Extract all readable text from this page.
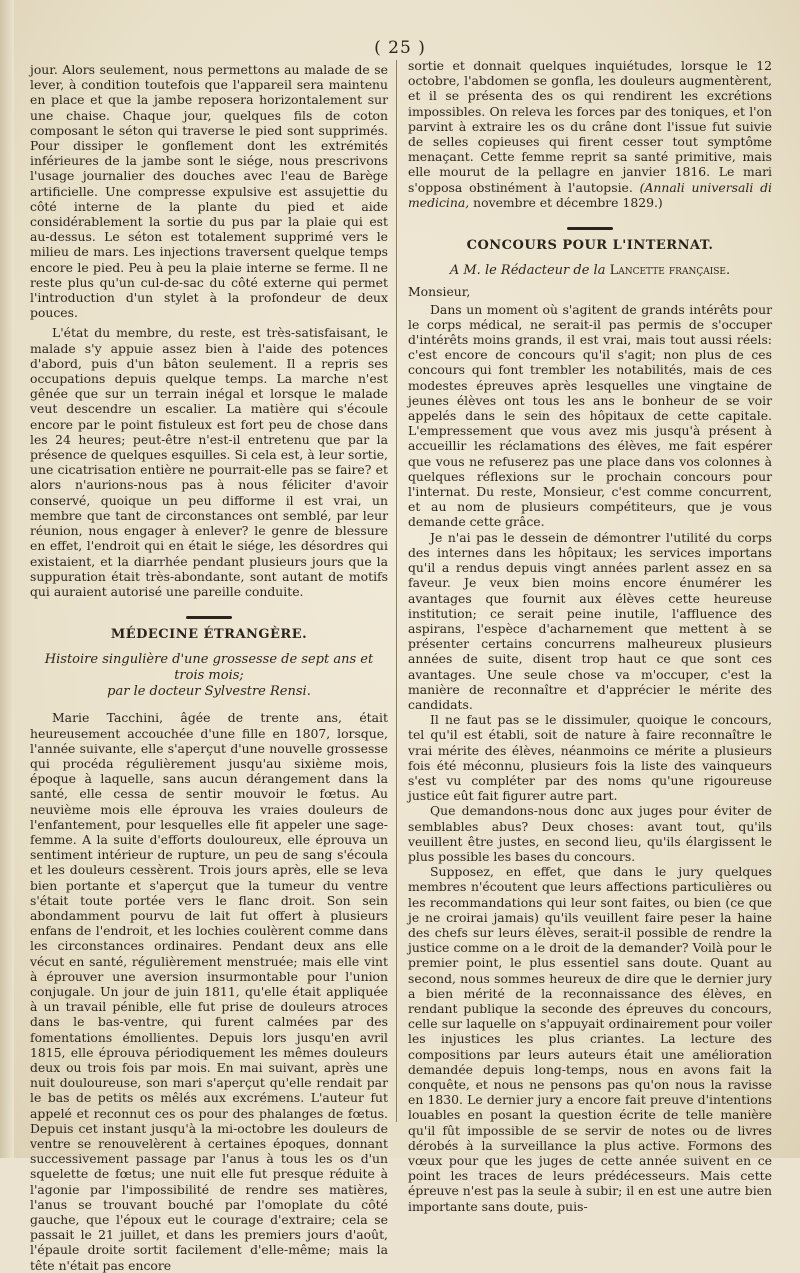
( 25 )

jour. Alors seulement, nous permettons au malade de se lever, à condition toutefois que l'appareil sera maintenu en place et que la jambe reposera horizontalement sur une chaise. Chaque jour, quelques fils de coton composant le séton qui traverse le pied sont supprimés. Pour dissiper le gonflement dont les extrémités inférieures de la jambe sont le siége, nous prescrivons l'usage journalier des douches avec l'eau de Barège artificielle. Une compresse expulsive est assujettie du côté interne de la plante du pied et aide considérablement la sortie du pus par la plaie qui est au-dessus. Le séton est totalement supprimé vers le milieu de mars. Les injections traversent quelque temps encore le pied. Peu à peu la plaie interne se ferme. Il ne reste plus qu'un cul-de-sac du côté externe qui permet l'introduction d'un stylet à la profondeur de deux pouces.

L'état du membre, du reste, est très-satisfaisant, le malade s'y appuie assez bien à l'aide des potences d'abord, puis d'un bâton seulement. Il a repris ses occupations depuis quelque temps. La marche n'est gênée que sur un terrain inégal et lorsque le malade veut descendre un escalier. La matière qui s'écoule encore par le point fistuleux est fort peu de chose dans les 24 heures; peut-être n'est-il entretenu que par la présence de quelques esquilles. Si cela est, à leur sortie, une cicatrisation entière ne pourrait-elle pas se faire? et alors n'aurions-nous pas à nous féliciter d'avoir conservé, quoique un peu difforme il est vrai, un membre que tant de circonstances ont semblé, par leur réunion, nous engager à enlever? le genre de blessure en effet, l'endroit qui en était le siége, les désordres qui existaient, et la diarrhée pendant plusieurs jours que la suppuration était très-abondante, sont autant de motifs qui auraient autorisé une pareille conduite.

MÉDECINE ÉTRANGÈRE.
Histoire singulière d'une grossesse de sept ans et trois mois;
par le docteur Sylvestre Rensi.

Marie Tacchini, âgée de trente ans, était heureusement accouchée d'une fille en 1807, lorsque, l'année suivante, elle s'aperçut d'une nouvelle grossesse qui procéda régulièrement jusqu'au sixième mois, époque à laquelle, sans aucun dérangement dans la santé, elle cessa de sentir mouvoir le fœtus. Au neuvième mois elle éprouva les vraies douleurs de l'enfantement, pour lesquelles elle fit appeler une sage-femme. A la suite d'efforts douloureux, elle éprouva un sentiment intérieur de rupture, un peu de sang s'écoula et les douleurs cessèrent. Trois jours après, elle se leva bien portante et s'aperçut que la tumeur du ventre s'était toute portée vers le flanc droit. Son sein abondamment pourvu de lait fut offert à plusieurs enfans de l'endroit, et les lochies coulèrent comme dans les circonstances ordinaires. Pendant deux ans elle vécut en santé, régulièrement menstruée; mais elle vint à éprouver une aversion insurmontable pour l'union conjugale. Un jour de juin 1811, qu'elle était appliquée à un travail pénible, elle fut prise de douleurs atroces dans le bas-ventre, qui furent calmées par des fomentations émollientes. Depuis lors jusqu'en avril 1815, elle éprouva périodiquement les mêmes douleurs deux ou trois fois par mois. En mai suivant, après une nuit douloureuse, son mari s'aperçut qu'elle rendait par le bas de petits os mêlés aux excrémens. L'auteur fut appelé et reconnut ces os pour des phalanges de fœtus. Depuis cet instant jusqu'à la mi-octobre les douleurs de ventre se renouvelèrent à certaines époques, donnant successivement passage par l'anus à tous les os d'un squelette de fœtus; une nuit elle fut presque réduite à l'agonie par l'impossibilité de rendre ses matières, l'anus se trouvant bouché par l'omoplate du côté gauche, que l'époux eut le courage d'extraire; cela se passait le 21 juillet, et dans les premiers jours d'août, l'épaule droite sortit facilement d'elle-même; mais la tête n'était pas encore

sortie et donnait quelques inquiétudes, lorsque le 12 octobre, l'abdomen se gonfla, les douleurs augmentèrent, et il se présenta des os qui rendirent les excrétions impossibles. On releva les forces par des toniques, et l'on parvint à extraire les os du crâne dont l'issue fut suivie de selles copieuses qui firent cesser tout symptôme menaçant. Cette femme reprit sa santé primitive, mais elle mourut de la pellagre en janvier 1816. Le mari s'opposa obstinément à l'autopsie. (Annali universali di medicina, novembre et décembre 1829.)

CONCOURS POUR L'INTERNAT.
A M. le Rédacteur de la Lancette française.

Monsieur,

Dans un moment où s'agitent de grands intérêts pour le corps médical, ne serait-il pas permis de s'occuper d'intérêts moins grands, il est vrai, mais tout aussi réels: c'est encore de concours qu'il s'agit; non plus de ces concours qui font trembler les notabilités, mais de ces modestes épreuves après lesquelles une vingtaine de jeunes élèves ont tous les ans le bonheur de se voir appelés dans le sein des hôpitaux de cette capitale. L'empressement que vous avez mis jusqu'à présent à accueillir les réclamations des élèves, me fait espérer que vous ne refuserez pas une place dans vos colonnes à quelques réflexions sur le prochain concours pour l'internat. Du reste, Monsieur, c'est comme concurrent, et au nom de plusieurs compétiteurs, que je vous demande cette grâce.

Je n'ai pas le dessein de démontrer l'utilité du corps des internes dans les hôpitaux; les services importans qu'il a rendus depuis vingt années parlent assez en sa faveur. Je veux bien moins encore énumérer les avantages que fournit aux élèves cette heureuse institution; ce serait peine inutile, l'affluence des aspirans, l'espèce d'acharnement que mettent à se présenter certains concurrens malheureux plusieurs années de suite, disent trop haut ce que sont ces avantages. Une seule chose va m'occuper, c'est la manière de reconnaître et d'apprécier le mérite des candidats.

Il ne faut pas se le dissimuler, quoique le concours, tel qu'il est établi, soit de nature à faire reconnaître le vrai mérite des élèves, néanmoins ce mérite a plusieurs fois été méconnu, plusieurs fois la liste des vainqueurs s'est vu compléter par des noms qu'une rigoureuse justice eût fait figurer autre part.

Que demandons-nous donc aux juges pour éviter de semblables abus? Deux choses: avant tout, qu'ils veuillent être justes, en second lieu, qu'ils élargissent le plus possible les bases du concours.

Supposez, en effet, que dans le jury quelques membres n'écoutent que leurs affections particulières ou les recommandations qui leur sont faites, ou bien (ce que je ne croirai jamais) qu'ils veuillent faire peser la haine des chefs sur leurs élèves, serait-il possible de rendre la justice comme on a le droit de la demander? Voilà pour le premier point, le plus essentiel sans doute. Quant au second, nous sommes heureux de dire que le dernier jury a bien mérité de la reconnaissance des élèves, en rendant publique la seconde des épreuves du concours, celle sur laquelle on s'appuyait ordinairement pour voiler les injustices les plus criantes. La lecture des compositions par leurs auteurs était une amélioration demandée depuis long-temps, nous en avons fait la conquête, et nous ne pensons pas qu'on nous la ravisse en 1830. Le dernier jury a encore fait preuve d'intentions louables en posant la question écrite de telle manière qu'il fût impossible de se servir de notes ou de livres dérobés à la surveillance la plus active. Formons des vœux pour que les juges de cette année suivent en ce point les traces de leurs prédécesseurs. Mais cette épreuve n'est pas la seule à subir; il en est une autre bien importante sans doute, puis-
